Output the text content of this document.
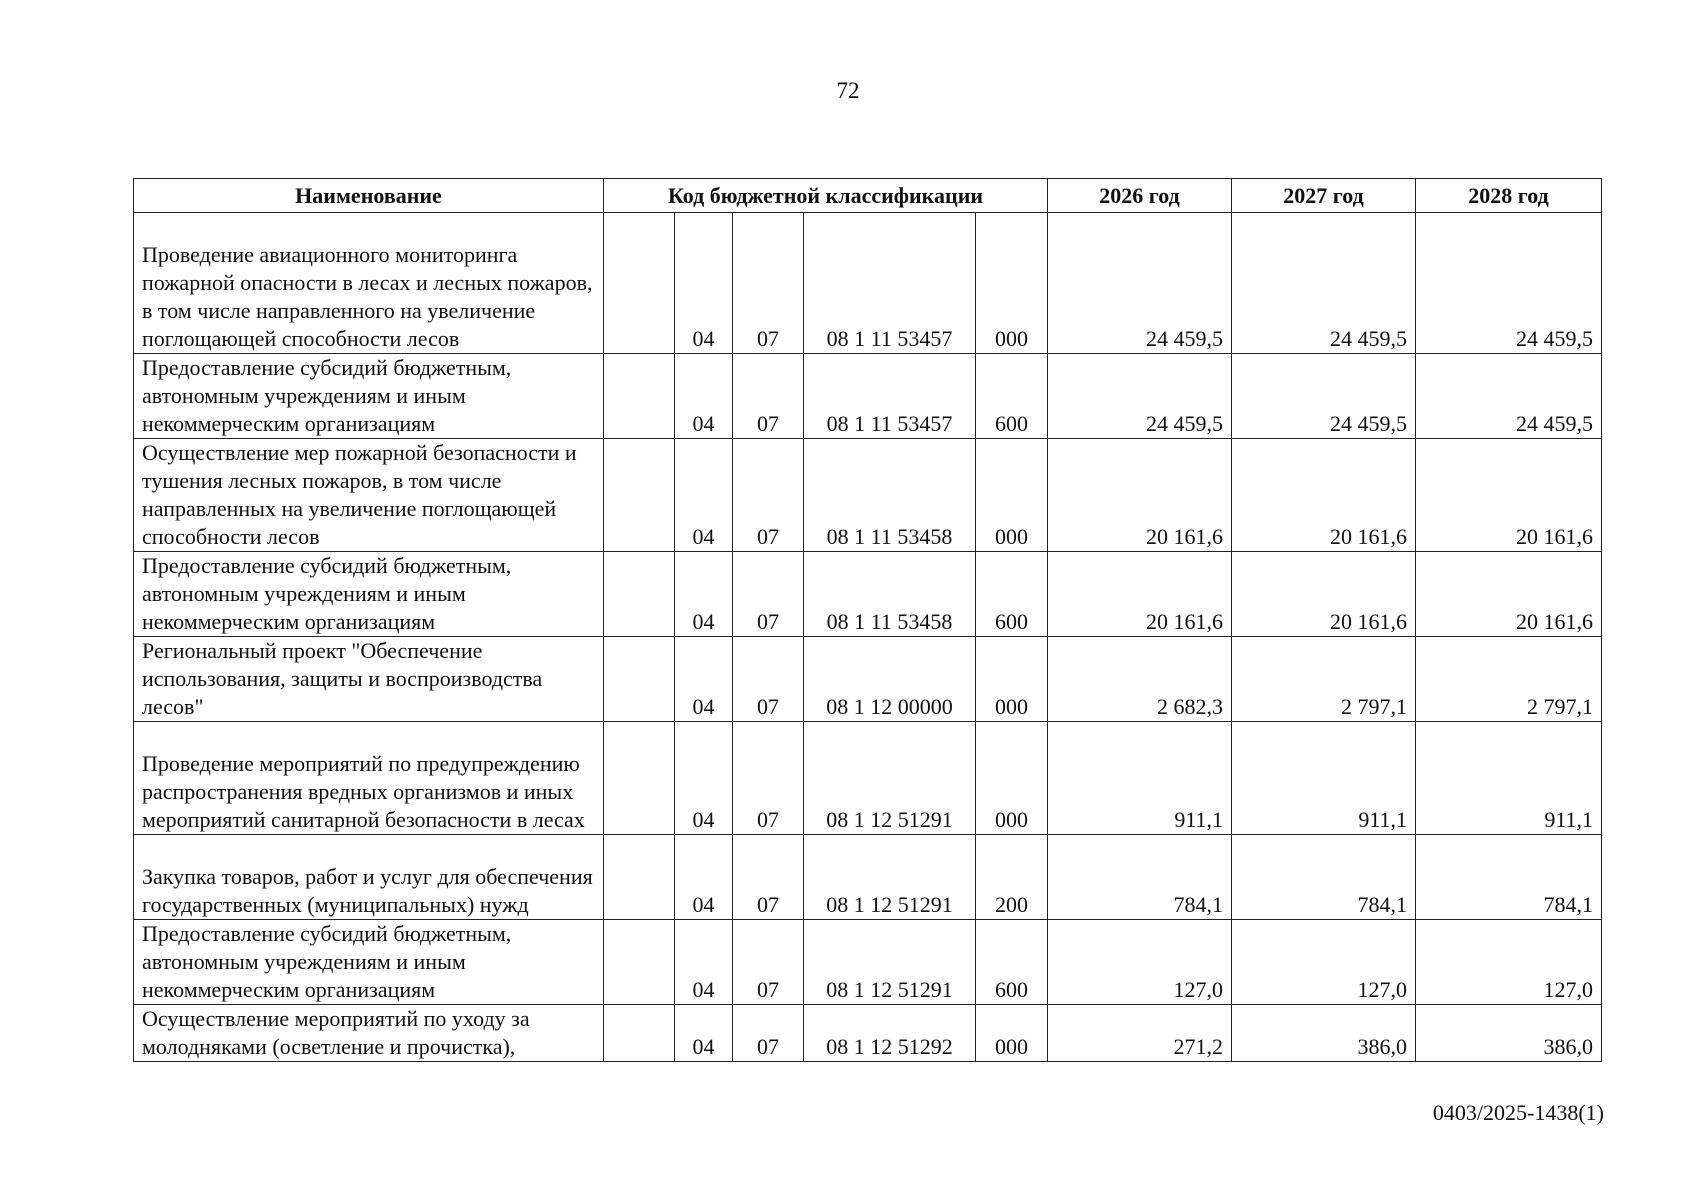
72
Наименование	Код бюджетной классификации					2026 год	2027 год	2028 год
Проведение авиационного мониторинга пожарной опасности в лесах и лесных пожаров, в том числе направленного на увеличение поглощающей способности лесов		04	07	08 1 11 53457	000	24 459,5	24 459,5	24 459,5
Предоставление субсидий бюджетным, автономным учреждениям и иным некоммерческим организациям		04	07	08 1 11 53457	600	24 459,5	24 459,5	24 459,5
Осуществление мер пожарной безопасности и тушения лесных пожаров, в том числе направленных на увеличение поглощающей способности лесов		04	07	08 1 11 53458	000	20 161,6	20 161,6	20 161,6
Предоставление субсидий бюджетным, автономным учреждениям и иным некоммерческим организациям		04	07	08 1 11 53458	600	20 161,6	20 161,6	20 161,6
Региональный проект "Обеспечение использования, защиты и воспроизводства лесов"		04	07	08 1 12 00000	000	2 682,3	2 797,1	2 797,1
Проведение мероприятий по предупреждению распространения вредных организмов и иных мероприятий санитарной безопасности в лесах		04	07	08 1 12 51291	000	911,1	911,1	911,1
Закупка товаров, работ и услуг для обеспечения государственных (муниципальных) нужд		04	07	08 1 12 51291	200	784,1	784,1	784,1
Предоставление субсидий бюджетным, автономным учреждениям и иным некоммерческим организациям		04	07	08 1 12 51291	600	127,0	127,0	127,0
Осуществление мероприятий по уходу за молодняками (осветление и прочистка),		04	07	08 1 12 51292	000	271,2	386,0	386,0
0403/2025-1438(1)
